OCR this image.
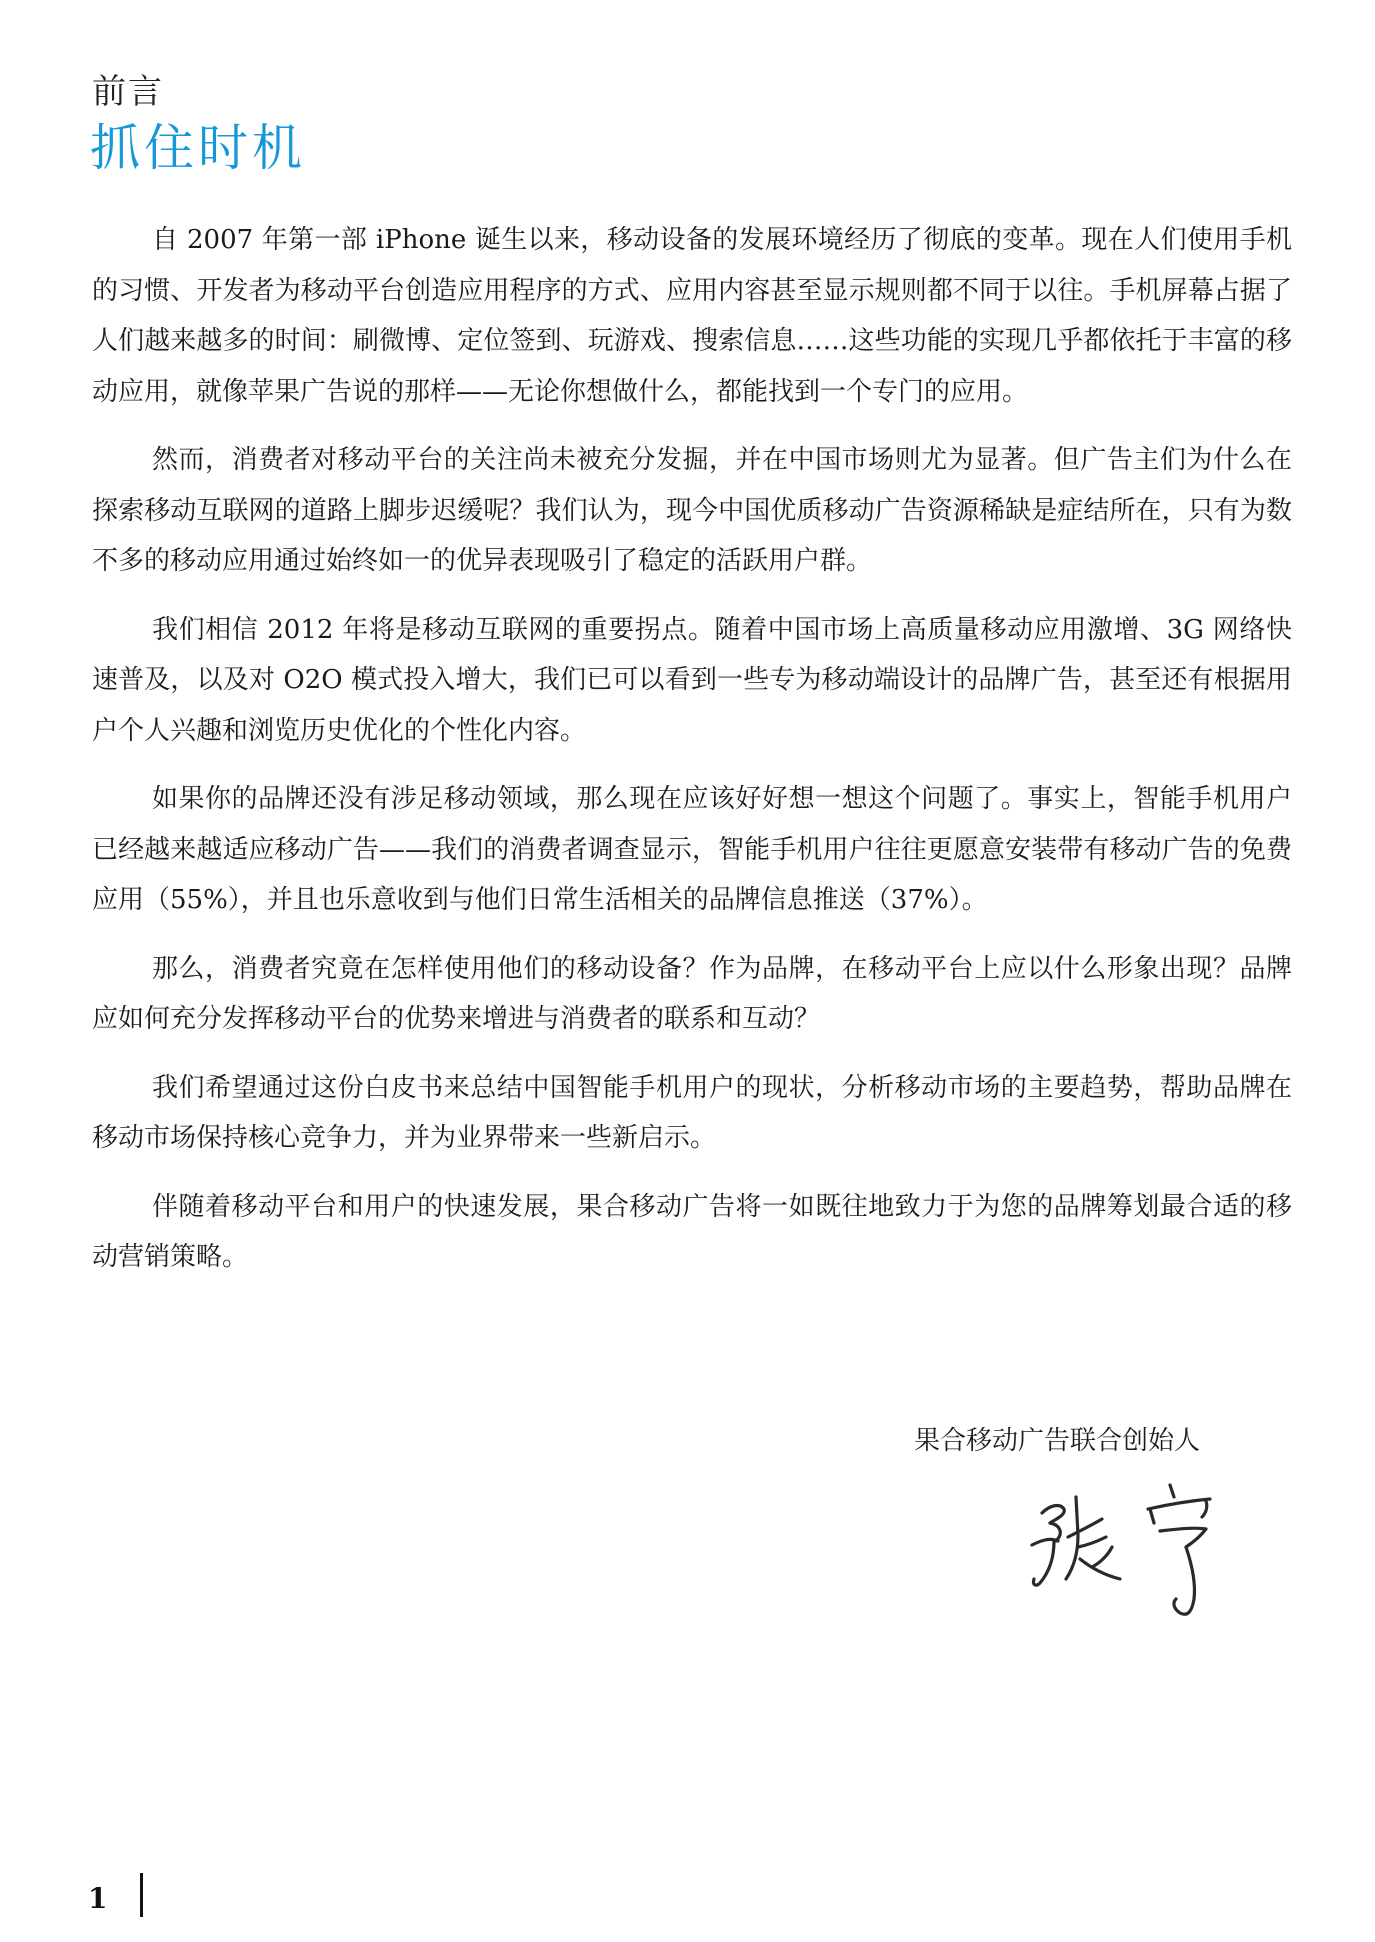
前言
抓住时机

自 2007 年第一部 iPhone 诞生以来，移动设备的发展环境经历了彻底的变革。现在人们使用手机的习惯、开发者为移动平台创造应用程序的方式、应用内容甚至显示规则都不同于以往。手机屏幕占据了人们越来越多的时间：刷微博、定位签到、玩游戏、搜索信息……这些功能的实现几乎都依托于丰富的移动应用，就像苹果广告说的那样——无论你想做什么，都能找到一个专门的应用。

然而，消费者对移动平台的关注尚未被充分发掘，并在中国市场则尤为显著。但广告主们为什么在探索移动互联网的道路上脚步迟缓呢？我们认为，现今中国优质移动广告资源稀缺是症结所在，只有为数不多的移动应用通过始终如一的优异表现吸引了稳定的活跃用户群。

我们相信 2012 年将是移动互联网的重要拐点。随着中国市场上高质量移动应用激增、3G 网络快速普及，以及对 O2O 模式投入增大，我们已可以看到一些专为移动端设计的品牌广告，甚至还有根据用户个人兴趣和浏览历史优化的个性化内容。

如果你的品牌还没有涉足移动领域，那么现在应该好好想一想这个问题了。事实上，智能手机用户已经越来越适应移动广告——我们的消费者调查显示，智能手机用户往往更愿意安装带有移动广告的免费应用（55%），并且也乐意收到与他们日常生活相关的品牌信息推送（37%）。

那么，消费者究竟在怎样使用他们的移动设备？作为品牌，在移动平台上应以什么形象出现？品牌应如何充分发挥移动平台的优势来增进与消费者的联系和互动？

我们希望通过这份白皮书来总结中国智能手机用户的现状，分析移动市场的主要趋势，帮助品牌在移动市场保持核心竞争力，并为业界带来一些新启示。

伴随着移动平台和用户的快速发展，果合移动广告将一如既往地致力于为您的品牌筹划最合适的移动营销策略。

果合移动广告联合创始人
1
